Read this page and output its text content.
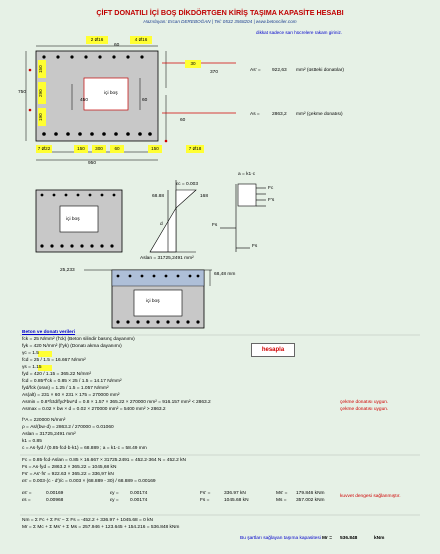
ÇİFT DONATILI İÇİ BOŞ DİKDÖRTGEN KİRİŞ TAŞIMA KAPASİTE HESABI
Hazırlayan: Ercan DEREBOĞAN | Tel: 0532 3568204 | www.betonciler.com
2 Ø16	4 Ø16
60
30
370
750
150
290
190
450
içi boş
60
60
7 Ø22	150	300	60	150	7 Ø18
950
dikkat sadece sarı hücrelere rakam giriniz.
As' = 922,63 mm² (üstteki donatılar)
As =	2863,2 mm² (çekme donatısı)
içi boş
εc = 0.003
68.88	168
d
a = k1·c
Fc
F's
Fs
Fs
Aslan = 31725,2491 mm²
25,233
68,48 mm
içi boş
Beton ve donatı verileri
fck = 25 N/mm² (f'ck) (Beton silindir basınç dayanımı)
fyk = 420 N/mm² (f'yk) (Donatı akma dayanımı)
γc = 1.5
fcd = 25 / 1.5 = 16.667 N/mm²
γs = 1.15
fyd = 420 / 1.15 = 365.22 N/mm²
fcd = 0.85*f'ck = 0.85 × 25 / 1.5 = 14.17 N/mm²
fyd/fck (oran) = 1.25 / 1.5 = 1.057 N/mm²
As(alt) = 231 × 60 × 231 × 175 = 270000 mm²
Asmin = 0.8*fctd/fyd*bw*d = 0.8 × 1.57 × 365.22 × 270000 mm² = 916.157 mm² < 2863.2	çekme donatısı uygun.
Asmax = 0.02 × bw × d = 0.02 × 270000 mm² = 5400 mm² > 2863.2	çekme donatısı uygun.
f*A = 220000 N/mm²
ρ = As/(bw·d) = 2863.2 / 270000 = 0.01060
Aslan = 31725,2491 mm²
k1 = 0.85
c = As·fyd / (0.85·fcd·b·k1) = 68.889 ; a = k1·c = 58.49 mm
hesapla
Fc = 0.85·fcd·Aslan = 0.85 × 16.667 × 31725.2491 = 452.2·364 N = 452.2 kN
Fs = As·fyd = 2863.2 × 365.22 = 1045,68 kN
Fs' = As'·fs' = 922.63 × 365.22 = 336,97 kN
εs' = 0.003·(c - d')/c = 0.003 × (68.889 - 30) / 68.889 = 0.00169
εs' =	0.00169	εy = 0.00174	Fs' =	336.97 kN	Ms' = 179.846 kNm
εs =	0.00968	εy = 0.00174	Fs =	1045.68 kN	Ms = 357.002 kNm
kuvvet dengesi sağlanmıştır.
Nm = Σ Fc + Σ Fs' − Σ Fs = -452.2 + 336.97 + 1045.68 = 0 kN
Mr = Σ Mc + Σ Ms' + Σ Ms = 257.946 + 123.645 + 154.216 = 536.848 kNm
Bu şartları sağlayan taşıma kapasitesi Mr = 536.848	kNm
